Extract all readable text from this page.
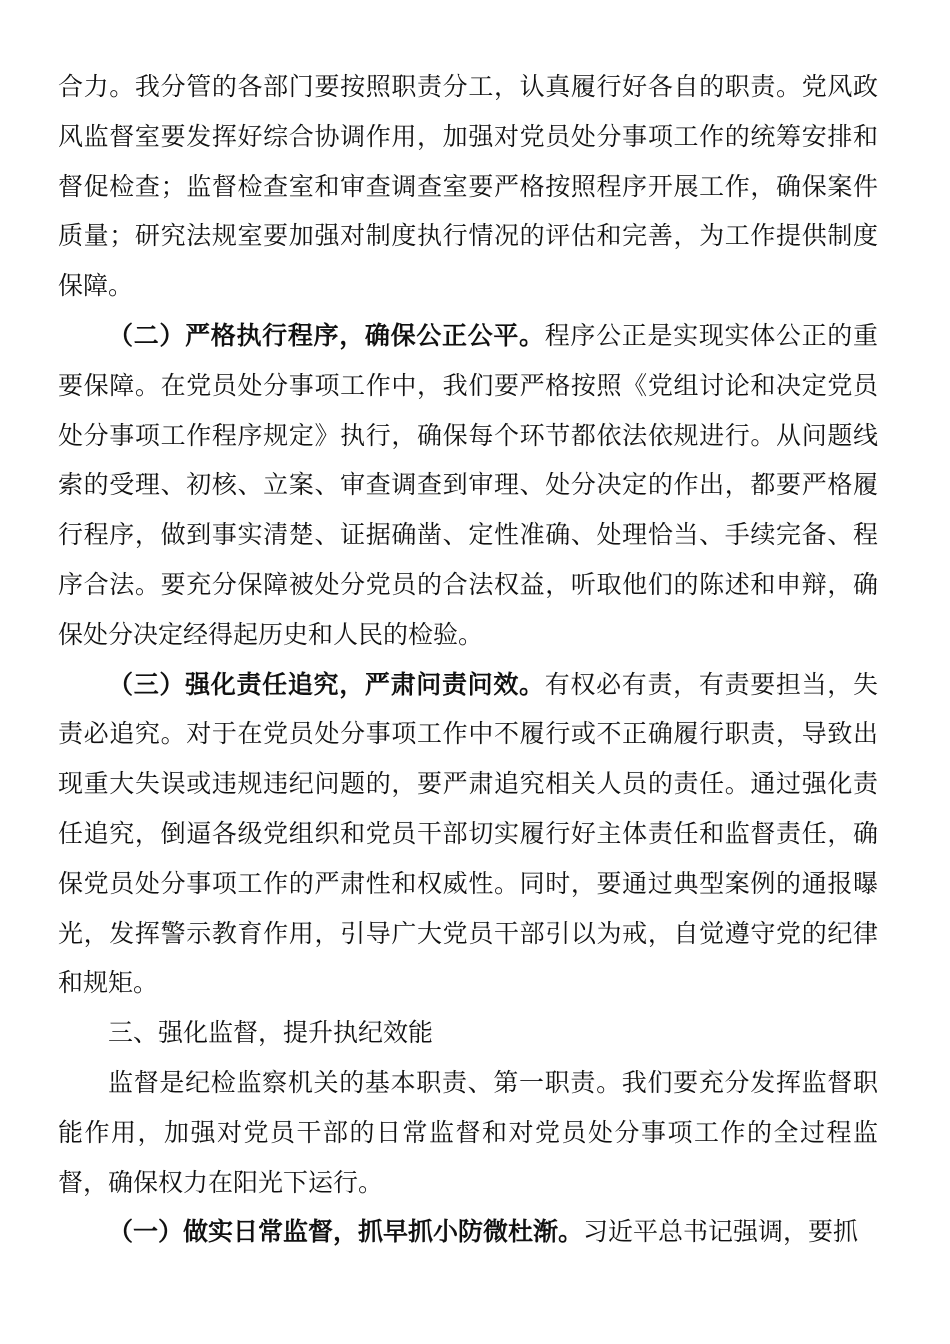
合力。我分管的各部门要按照职责分工，认真履行好各自的职责。党风政风监督室要发挥好综合协调作用，加强对党员处分事项工作的统筹安排和督促检查；监督检查室和审查调查室要严格按照程序开展工作，确保案件质量；研究法规室要加强对制度执行情况的评估和完善，为工作提供制度保障。

（二）严格执行程序，确保公正公平。程序公正是实现实体公正的重要保障。在党员处分事项工作中，我们要严格按照《党组讨论和决定党员处分事项工作程序规定》执行，确保每个环节都依法依规进行。从问题线索的受理、初核、立案、审查调查到审理、处分决定的作出，都要严格履行程序，做到事实清楚、证据确凿、定性准确、处理恰当、手续完备、程序合法。要充分保障被处分党员的合法权益，听取他们的陈述和申辩，确保处分决定经得起历史和人民的检验。

（三）强化责任追究，严肃问责问效。有权必有责，有责要担当，失责必追究。对于在党员处分事项工作中不履行或不正确履行职责，导致出现重大失误或违规违纪问题的，要严肃追究相关人员的责任。通过强化责任追究，倒逼各级党组织和党员干部切实履行好主体责任和监督责任，确保党员处分事项工作的严肃性和权威性。同时，要通过典型案例的通报曝光，发挥警示教育作用，引导广大党员干部引以为戒，自觉遵守党的纪律和规矩。

三、强化监督，提升执纪效能

监督是纪检监察机关的基本职责、第一职责。我们要充分发挥监督职能作用，加强对党员干部的日常监督和对党员处分事项工作的全过程监督，确保权力在阳光下运行。

（一）做实日常监督，抓早抓小防微杜渐。习近平总书记强调，要抓
